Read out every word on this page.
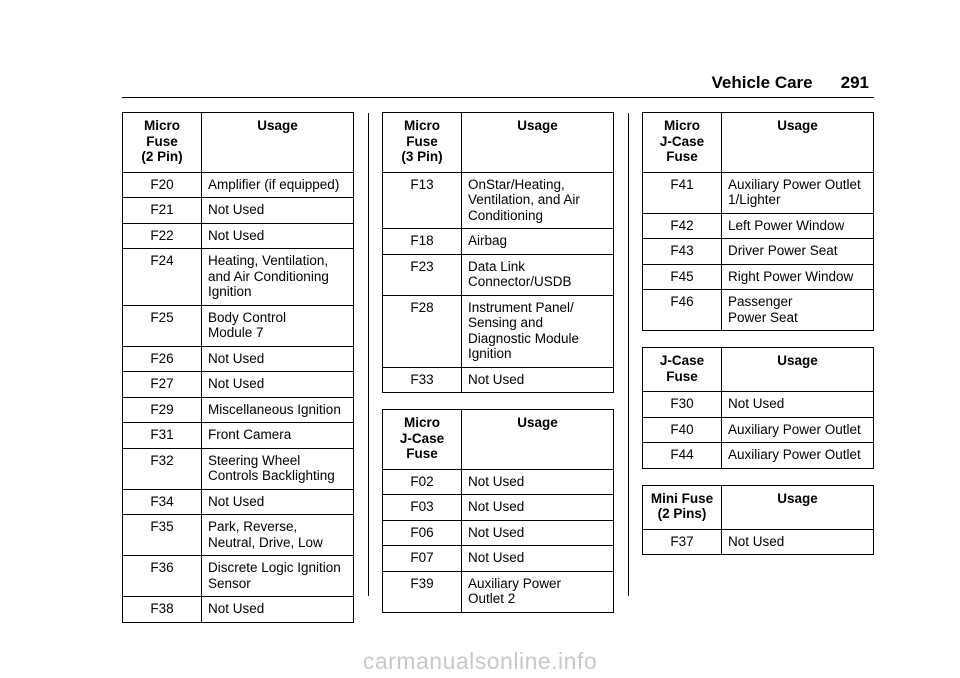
Vehicle Care 291
Micro
Fuse
(2 Pin)	Usage
F20	Amplifier (if equipped)
F21	Not Used
F22	Not Used
F24	Heating, Ventilation,
and Air Conditioning
Ignition
F25	Body Control
Module 7
F26	Not Used
F27	Not Used
F29	Miscellaneous Ignition
F31	Front Camera
F32	Steering Wheel
Controls Backlighting
F34	Not Used
F35	Park, Reverse,
Neutral, Drive, Low
F36	Discrete Logic Ignition
Sensor
F38	Not Used
Micro
Fuse
(3 Pin)	Usage
F13	OnStar/Heating,
Ventilation, and Air
Conditioning
F18	Airbag
F23	Data Link
Connector/USDB
F28	Instrument Panel/
Sensing and
Diagnostic Module
Ignition
F33	Not Used
Micro
J-Case
Fuse	Usage
F02	Not Used
F03	Not Used
F06	Not Used
F07	Not Used
F39	Auxiliary Power
Outlet 2
Micro
J-Case
Fuse	Usage
F41	Auxiliary Power Outlet
1/Lighter
F42	Left Power Window
F43	Driver Power Seat
F45	Right Power Window
F46	Passenger
Power Seat
J-Case
Fuse	Usage
F30	Not Used
F40	Auxiliary Power Outlet
F44	Auxiliary Power Outlet
Mini Fuse
(2 Pins)	Usage
F37	Not Used
carmanualsonline.info
